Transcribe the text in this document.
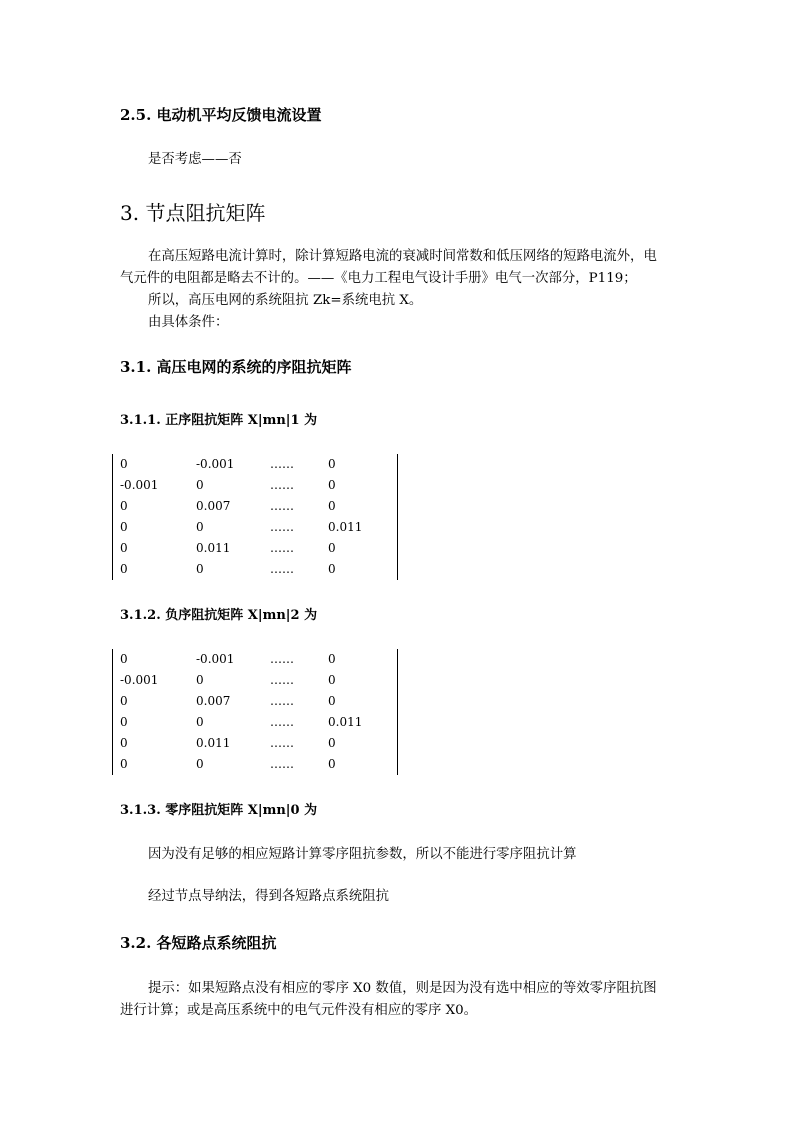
2.5. 电动机平均反馈电流设置
是否考虑——否
3. 节点阻抗矩阵
在高压短路电流计算时，除计算短路电流的衰减时间常数和低压网络的短路电流外，电
气元件的电阻都是略去不计的。——《电力工程电气设计手册》电气一次部分，P119；
所以，高压电网的系统阻抗 Zk=系统电抗 X。
由具体条件：
3.1. 高压电网的系统的序阻抗矩阵
3.1.1. 正序阻抗矩阵 X|mn|1 为
0	-0.001	……	0
-0.001	0	……	0
0	0.007	……	0
0	0	……	0.011
0	0.011	……	0
0	0	……	0
3.1.2. 负序阻抗矩阵 X|mn|2 为
0	-0.001	……	0
-0.001	0	……	0
0	0.007	……	0
0	0	……	0.011
0	0.011	……	0
0	0	……	0
3.1.3. 零序阻抗矩阵 X|mn|0 为
因为没有足够的相应短路计算零序阻抗参数，所以不能进行零序阻抗计算
经过节点导纳法，得到各短路点系统阻抗
3.2. 各短路点系统阻抗
提示：如果短路点没有相应的零序 X0 数值，则是因为没有选中相应的等效零序阻抗图
进行计算；或是高压系统中的电气元件没有相应的零序 X0。
